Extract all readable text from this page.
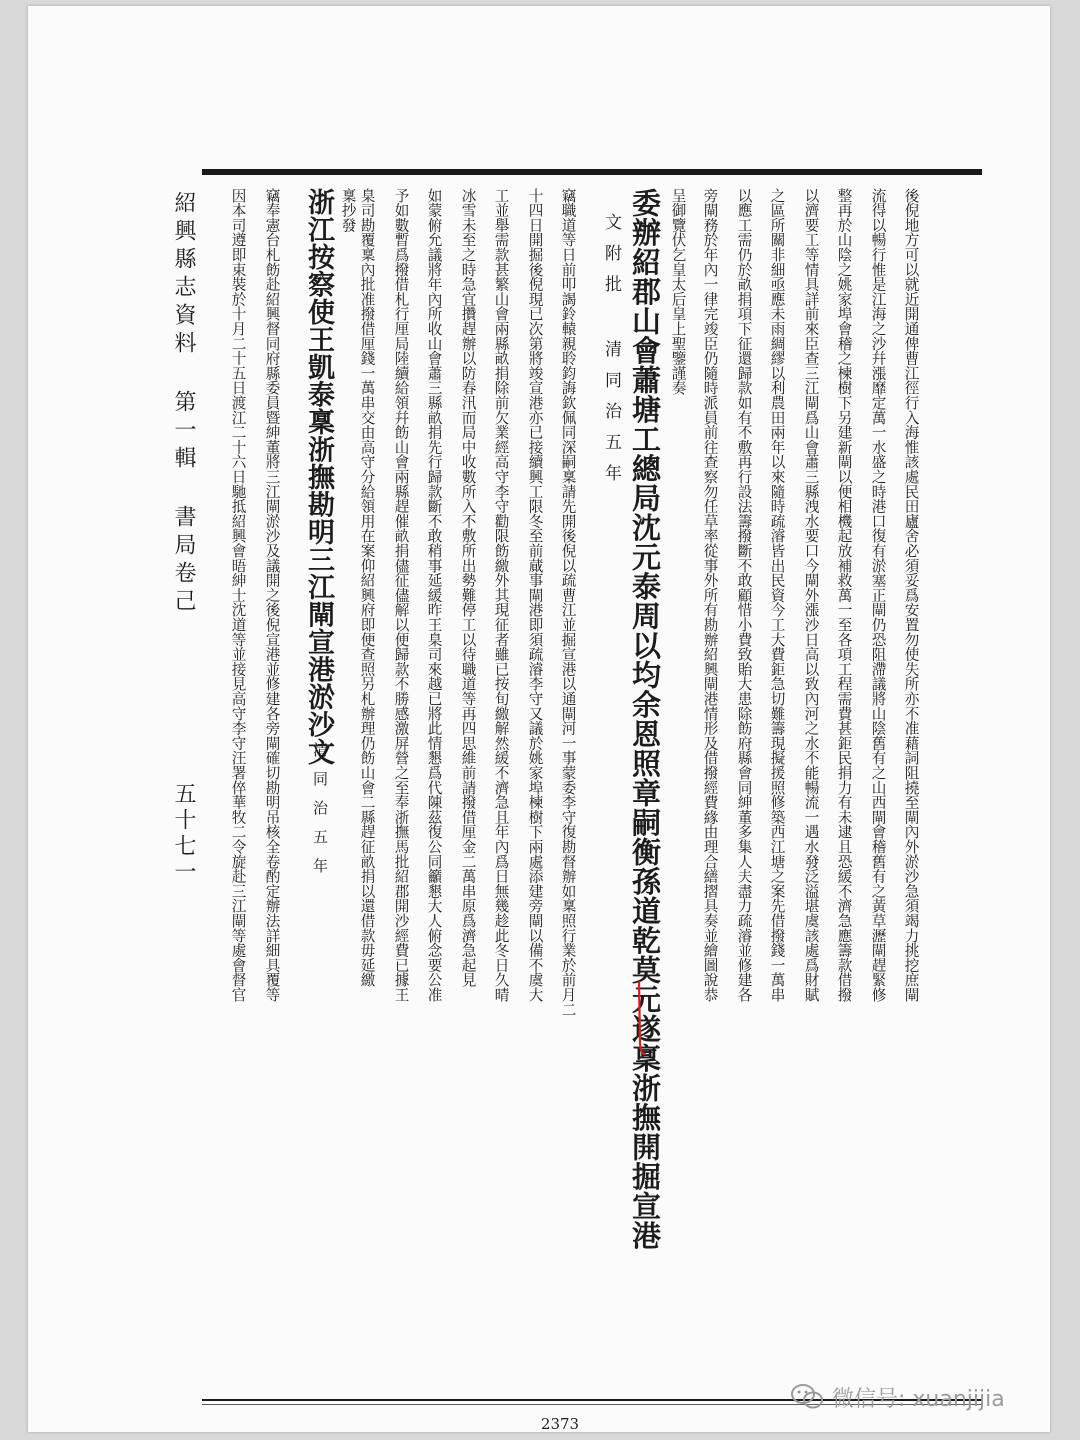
後倪地方可以就近開通俾曹江徑行入海惟該處民田廬舍必須妥爲安置勿使失所亦不准藉詞阻撓至閘內外淤沙急須竭力挑挖庶閘
流得以暢行惟是江海之沙幷漲靡定萬一水盛之時港口復有淤塞正閘仍恐阻滯議將山陰舊有之山西閘會稽舊有之黃草瀝閘趕緊修
整再於山陰之姚家埠會稽之楝樹下另建新閘以便相機起放補救萬一至各項工程需費甚鉅民捐力有未逮且恐緩不濟急應籌款借撥
以濟要工等情具詳前來臣查三江閘爲山會蕭三縣洩水要口今閘外漲沙日高以致內河之水不能暢流一遇水發泛溢堪虞該處爲財賦
之區所關非細亟應未雨綢繆以利農田兩年以來隨時疏濬皆出民資今工大費鉅急切難籌現擬援照修築西江塘之案先借撥錢一萬串
以應工需仍於畝捐項下征還歸款如有不敷再行設法籌撥斷不敢顧惜小費致貽大患除飭府縣會同紳董多集人夫盡力疏濬並修建各
旁閘務於年內一律完竣臣仍隨時派員前往查察勿任草率從事外所有勘辦紹興閘港情形及借撥經費緣由理合繕摺具奏並繪圖說恭
呈御覽伏乞皇太后皇上聖鑒謹奏
委辦紹郡山會蕭塘工總局沈元泰周以均余恩照章嗣衡孫道乾莫元遂稟浙撫開掘宣港
文附批 清同治五年
竊職道等日前叩謁鈴轅親聆鈞誨欽佩同深嗣稟請先開後倪以疏曹江並掘宣港以通閘河一事蒙委李守復勘督辦如稟照行業於前月二
十四日開掘後倪現已次第將竣宣港亦已接續興工限冬至前蕆事閘港即須疏濬李守又議於姚家埠楝樹下兩處添建旁閘以備不虞大
工並舉需款甚繁山會兩縣畝捐除前欠業經高守李守勸限飭繳外其現征者雖已按旬繳解然緩不濟急且年內爲日無幾趁此冬日久晴
冰雪未至之時急宜攢趕辦以防春汛而局中收數所入不敷所出勢難停工以待職道等再四思維前請撥借厘金二萬串原爲濟急起見
如蒙俯允議將年內所收山會蕭三縣畝捐先行歸款斷不敢稍事延緩昨王臬司來越已將此情懇爲代陳茲復公同籲懇大人俯念要公准
予如數暫爲撥借札行厘局陸續給領幷飭山會兩縣趕催畝捐儘征儘解以便歸款不勝感激屏營之至奉浙撫馬批紹郡開沙經費已據王
臬司勘覆稟內批准撥借厘錢一萬串交由高守分給領用在案仰紹興府即便查照另札辦理仍飭山會二縣趕征畝捐以還借款毋延繳
稟抄發
浙江按察使王凱泰稟浙撫勘明三江閘宣港淤沙文
清同治五年
竊奉憲台札飭赴紹興督同府縣委員暨紳董將三江閘淤沙及議開之後倪宣港並修建各旁閘確切勘明吊核全卷酌定辦法詳細具覆等
因本司遵即束裝於十月二十五日渡江二十六日馳抵紹興會晤紳士沈道等並接見高守李守汪署倅華牧二令旋赴三江閘等處會督官
紹興縣志資料 第一輯 書局卷己
五十七一
2373
微信号: xuanjijia
